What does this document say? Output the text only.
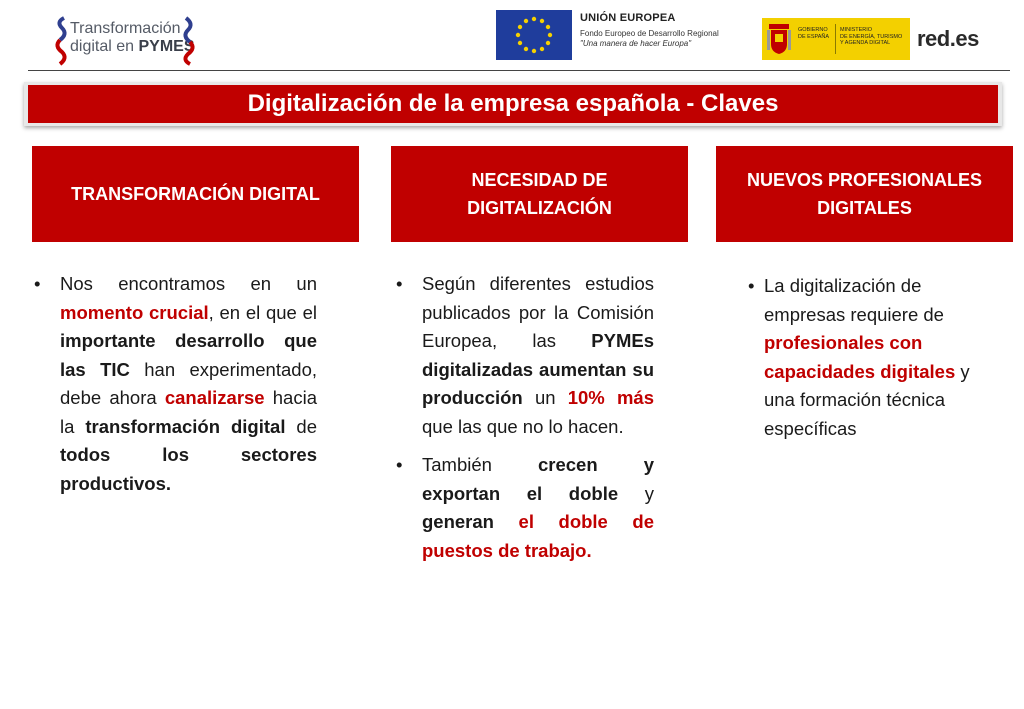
Transformación
digital en PYMES
UNIÓN EUROPEA
Fondo Europeo de Desarrollo Regional
"Una manera de hacer Europa"
GOBIERNO
DE ESPAÑA
MINISTERIO
DE ENERGÍA, TURISMO
Y AGENDA DIGITAL	red.es
Digitalización de la empresa española - Claves
TRANSFORMACIÓN DIGITAL
NECESIDAD DE
DIGITALIZACIÓN
NUEVOS PROFESIONALES
DIGITALES
• Nos encontramos en un momento crucial, en el que el importante desarrollo que las TIC han experimentado, debe ahora canalizarse hacia la transformación digital de todos los sectores productivos.
• Según diferentes estudios publicados por la Comisión Europea, las PYMEs digitalizadas aumentan su producción un 10% más que las que no lo hacen.
• También crecen y exportan el doble y generan el doble de puestos de trabajo.
• La digitalización de empresas requiere de profesionales con capacidades digitales y una formación técnica específicas
